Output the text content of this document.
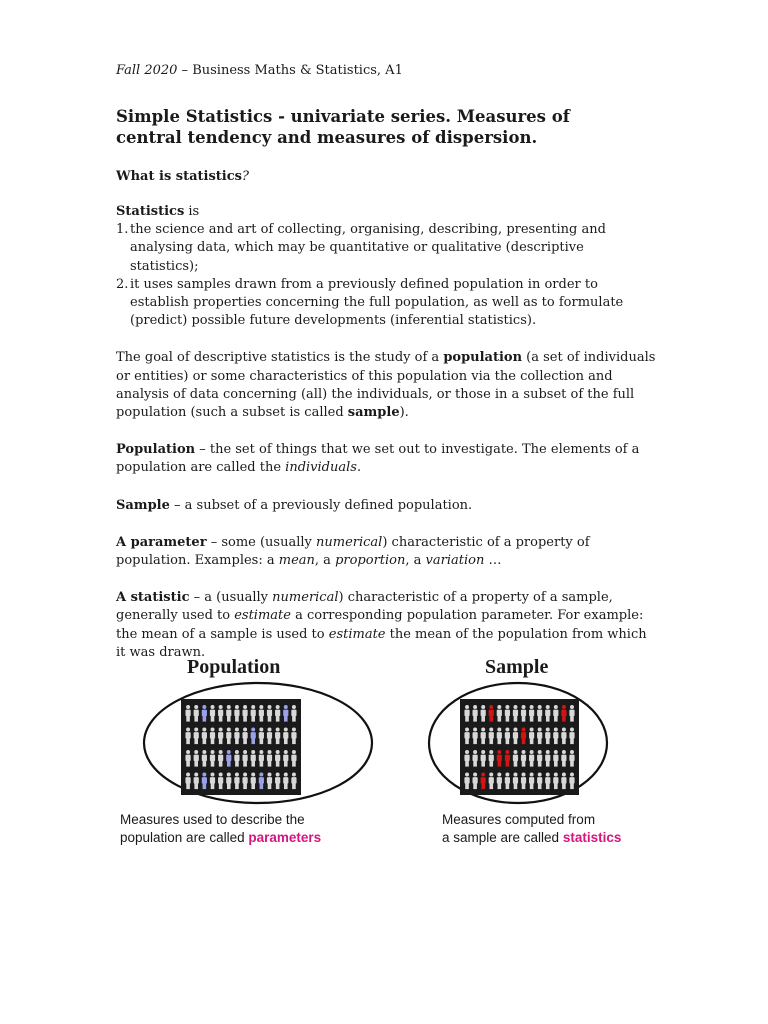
Fall 2020 – Business Maths & Statistics, A1
Simple Statistics - univariate series. Measures of central tendency and measures of dispersion.
What is statistics?

Statistics is

1. the science and art of collecting, organising, describing, presenting and analysing data, which may be quantitative or qualitative (descriptive statistics);
2. it uses samples drawn from a previously defined population in order to establish properties concerning the full population, as well as to formulate (predict) possible future developments (inferential statistics).

The goal of descriptive statistics is the study of a population (a set of individuals or entities) or some characteristics of this population via the collection and analysis of data concerning (all) the individuals, or those in a subset of the full population (such a subset is called sample).

Population – the set of things that we set out to investigate. The elements of a population are called the individuals.

Sample – a subset of a previously defined population.

A parameter – some (usually numerical) characteristic of a property of population. Examples: a mean, a proportion, a variation …

A statistic – a (usually numerical) characteristic of a property of a sample, generally used to estimate a corresponding population parameter. For example: the mean of a sample is used to estimate the mean of the population from which it was drawn.

Population
Measures used to describe the
population are called parameters
Sample
Measures computed from
a sample are called statistics
